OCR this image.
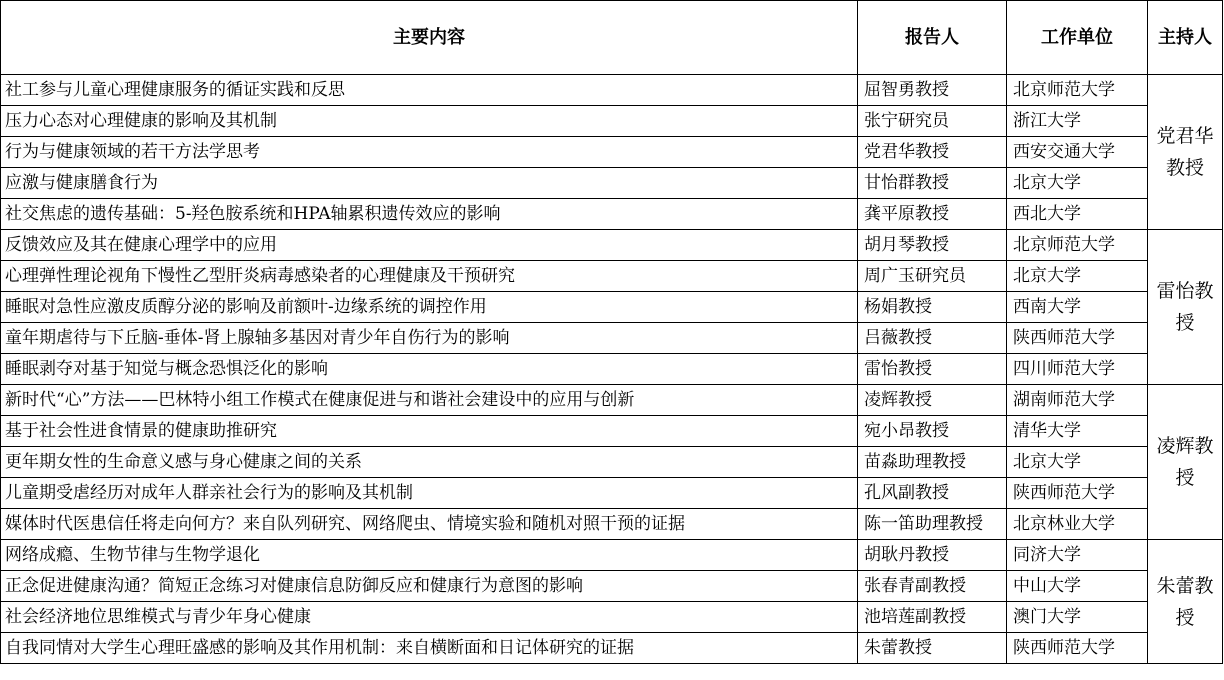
主要内容	报告人	工作单位	主持人
社工参与儿童心理健康服务的循证实践和反思	屈智勇教授	北京师范大学	党君华教授
压力心态对心理健康的影响及其机制	张宁研究员	浙江大学	
行为与健康领域的若干方法学思考	党君华教授	西安交通大学	
应激与健康膳食行为	甘怡群教授	北京大学	
社交焦虑的遗传基础：5-羟色胺系统和HPA轴累积遗传效应的影响	龚平原教授	西北大学	
反馈效应及其在健康心理学中的应用	胡月琴教授	北京师范大学	雷怡教授
心理弹性理论视角下慢性乙型肝炎病毒感染者的心理健康及干预研究	周广玉研究员	北京大学	
睡眠对急性应激皮质醇分泌的影响及前额叶-边缘系统的调控作用	杨娟教授	西南大学	
童年期虐待与下丘脑-垂体-肾上腺轴多基因对青少年自伤行为的影响	吕薇教授	陕西师范大学	
睡眠剥夺对基于知觉与概念恐惧泛化的影响	雷怡教授	四川师范大学	
新时代“心”方法——巴林特小组工作模式在健康促进与和谐社会建设中的应用与创新	凌辉教授	湖南师范大学	凌辉教授
基于社会性进食情景的健康助推研究	宛小昂教授	清华大学	
更年期女性的生命意义感与身心健康之间的关系	苗淼助理教授	北京大学	
儿童期受虐经历对成年人群亲社会行为的影响及其机制	孔风副教授	陕西师范大学	
媒体时代医患信任将走向何方？来自队列研究、网络爬虫、情境实验和随机对照干预的证据	陈一笛助理教授	北京林业大学	
网络成瘾、生物节律与生物学退化	胡耿丹教授	同济大学	朱蕾教授
正念促进健康沟通？简短正念练习对健康信息防御反应和健康行为意图的影响	张春青副教授	中山大学	
社会经济地位思维模式与青少年身心健康	池培莲副教授	澳门大学	
自我同情对大学生心理旺盛感的影响及其作用机制：来自横断面和日记体研究的证据	朱蕾教授	陕西师范大学	
